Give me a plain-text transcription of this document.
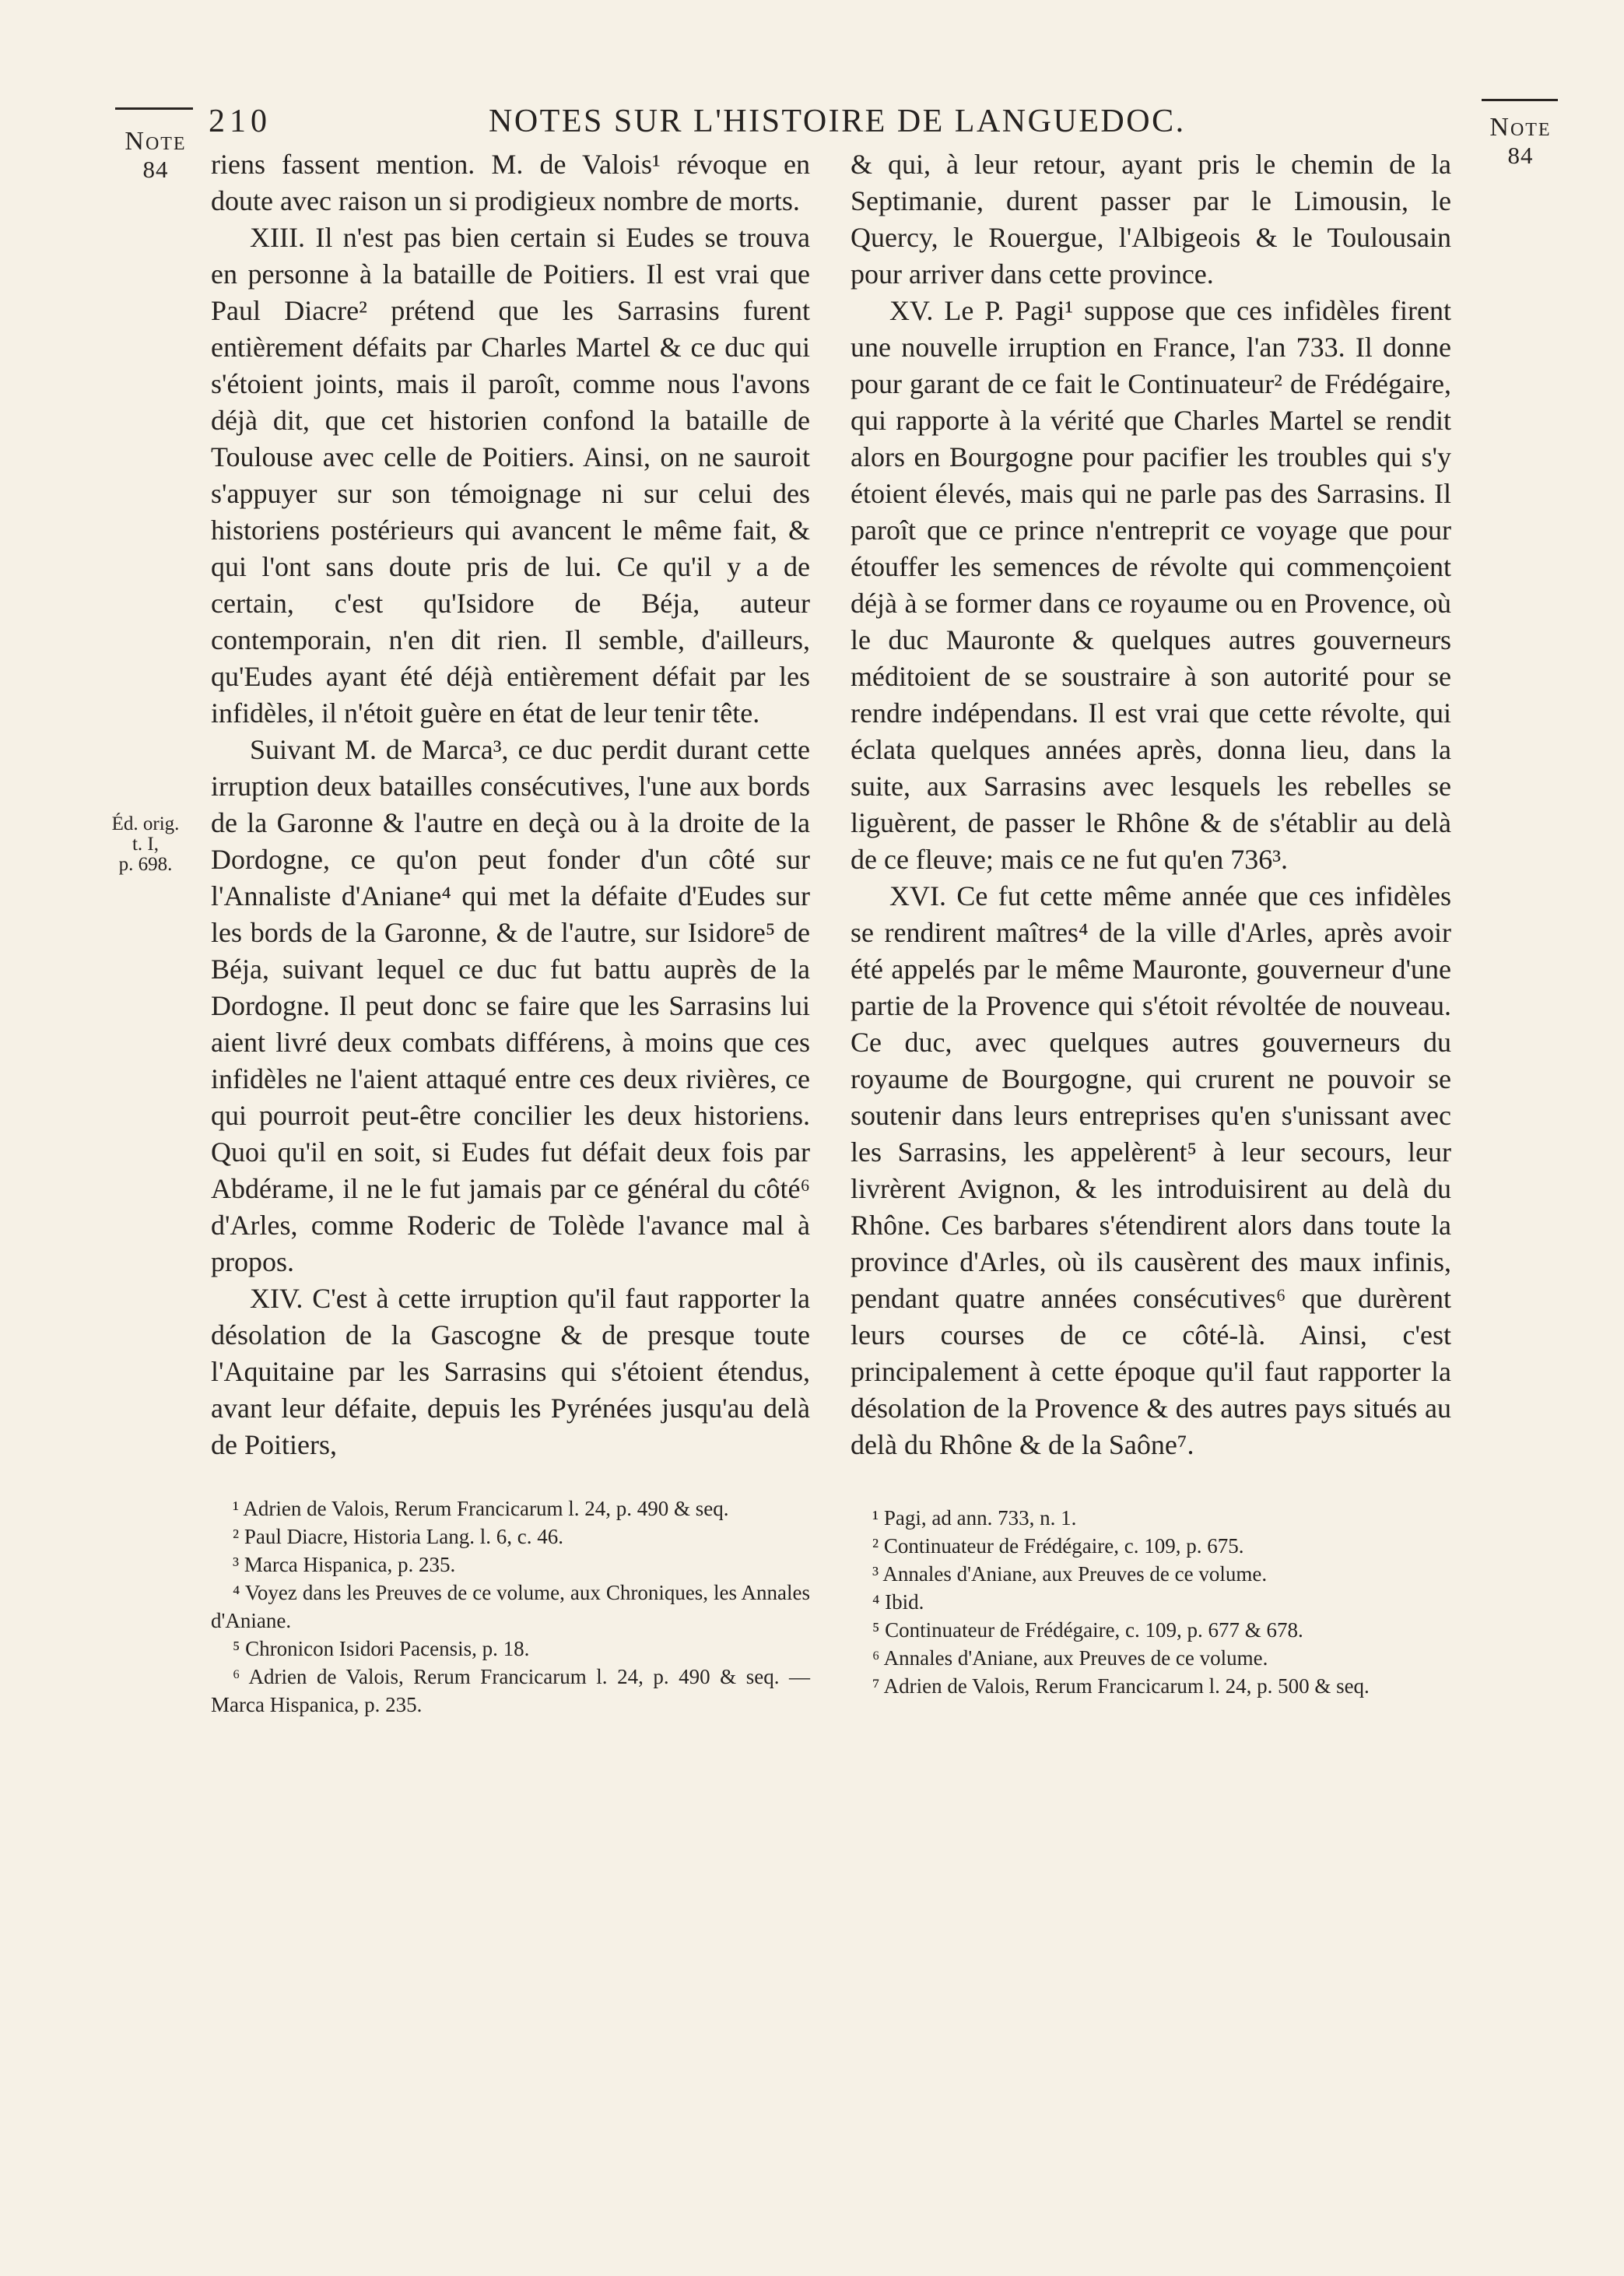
Note
84
Note
84
210	NOTES SUR L'HISTOIRE DE LANGUEDOC.
Éd. orig.
t. I,
p. 698.

riens fassent mention. M. de Valois¹ révoque en doute avec raison un si prodigieux nombre de morts.

XIII. Il n'est pas bien certain si Eudes se trouva en personne à la bataille de Poitiers. Il est vrai que Paul Diacre² prétend que les Sarrasins furent entièrement défaits par Charles Martel & ce duc qui s'étoient joints, mais il paroît, comme nous l'avons déjà dit, que cet historien confond la bataille de Toulouse avec celle de Poitiers. Ainsi, on ne sauroit s'appuyer sur son témoignage ni sur celui des historiens postérieurs qui avancent le même fait, & qui l'ont sans doute pris de lui. Ce qu'il y a de certain, c'est qu'Isidore de Béja, auteur contemporain, n'en dit rien. Il semble, d'ailleurs, qu'Eudes ayant été déjà entièrement défait par les infidèles, il n'étoit guère en état de leur tenir tête.

Suivant M. de Marca³, ce duc perdit durant cette irruption deux batailles consécutives, l'une aux bords de la Garonne & l'autre en deçà ou à la droite de la Dordogne, ce qu'on peut fonder d'un côté sur l'Annaliste d'Aniane⁴ qui met la défaite d'Eudes sur les bords de la Garonne, & de l'autre, sur Isidore⁵ de Béja, suivant lequel ce duc fut battu auprès de la Dordogne. Il peut donc se faire que les Sarrasins lui aient livré deux combats différens, à moins que ces infidèles ne l'aient attaqué entre ces deux rivières, ce qui pourroit peut-être concilier les deux historiens. Quoi qu'il en soit, si Eudes fut défait deux fois par Abdérame, il ne le fut jamais par ce général du côté⁶ d'Arles, comme Roderic de Tolède l'avance mal à propos.

XIV. C'est à cette irruption qu'il faut rapporter la désolation de la Gascogne & de presque toute l'Aquitaine par les Sarrasins qui s'étoient étendus, avant leur défaite, depuis les Pyrénées jusqu'au delà de Poitiers,

¹ Adrien de Valois, Rerum Francicarum l. 24, p. 490 & seq.

² Paul Diacre, Historia Lang. l. 6, c. 46.

³ Marca Hispanica, p. 235.

⁴ Voyez dans les Preuves de ce volume, aux Chroniques, les Annales d'Aniane.

⁵ Chronicon Isidori Pacensis, p. 18.

⁶ Adrien de Valois, Rerum Francicarum l. 24, p. 490 & seq. — Marca Hispanica, p. 235.

& qui, à leur retour, ayant pris le chemin de la Septimanie, durent passer par le Limousin, le Quercy, le Rouergue, l'Albigeois & le Toulousain pour arriver dans cette province.

XV. Le P. Pagi¹ suppose que ces infidèles firent une nouvelle irruption en France, l'an 733. Il donne pour garant de ce fait le Continuateur² de Frédégaire, qui rapporte à la vérité que Charles Martel se rendit alors en Bourgogne pour pacifier les troubles qui s'y étoient élevés, mais qui ne parle pas des Sarrasins. Il paroît que ce prince n'entreprit ce voyage que pour étouffer les semences de révolte qui commençoient déjà à se former dans ce royaume ou en Provence, où le duc Mauronte & quelques autres gouverneurs méditoient de se soustraire à son autorité pour se rendre indépendans. Il est vrai que cette révolte, qui éclata quelques années après, donna lieu, dans la suite, aux Sarrasins avec lesquels les rebelles se liguèrent, de passer le Rhône & de s'établir au delà de ce fleuve; mais ce ne fut qu'en 736³.

XVI. Ce fut cette même année que ces infidèles se rendirent maîtres⁴ de la ville d'Arles, après avoir été appelés par le même Mauronte, gouverneur d'une partie de la Provence qui s'étoit révoltée de nouveau. Ce duc, avec quelques autres gouverneurs du royaume de Bourgogne, qui crurent ne pouvoir se soutenir dans leurs entreprises qu'en s'unissant avec les Sarrasins, les appelèrent⁵ à leur secours, leur livrèrent Avignon, & les introduisirent au delà du Rhône. Ces barbares s'étendirent alors dans toute la province d'Arles, où ils causèrent des maux infinis, pendant quatre années consécutives⁶ que durèrent leurs courses de ce côté-là. Ainsi, c'est principalement à cette époque qu'il faut rapporter la désolation de la Provence & des autres pays situés au delà du Rhône & de la Saône⁷.

¹ Pagi, ad ann. 733, n. 1.

² Continuateur de Frédégaire, c. 109, p. 675.

³ Annales d'Aniane, aux Preuves de ce volume.

⁴ Ibid.

⁵ Continuateur de Frédégaire, c. 109, p. 677 & 678.

⁶ Annales d'Aniane, aux Preuves de ce volume.

⁷ Adrien de Valois, Rerum Francicarum l. 24, p. 500 & seq.
